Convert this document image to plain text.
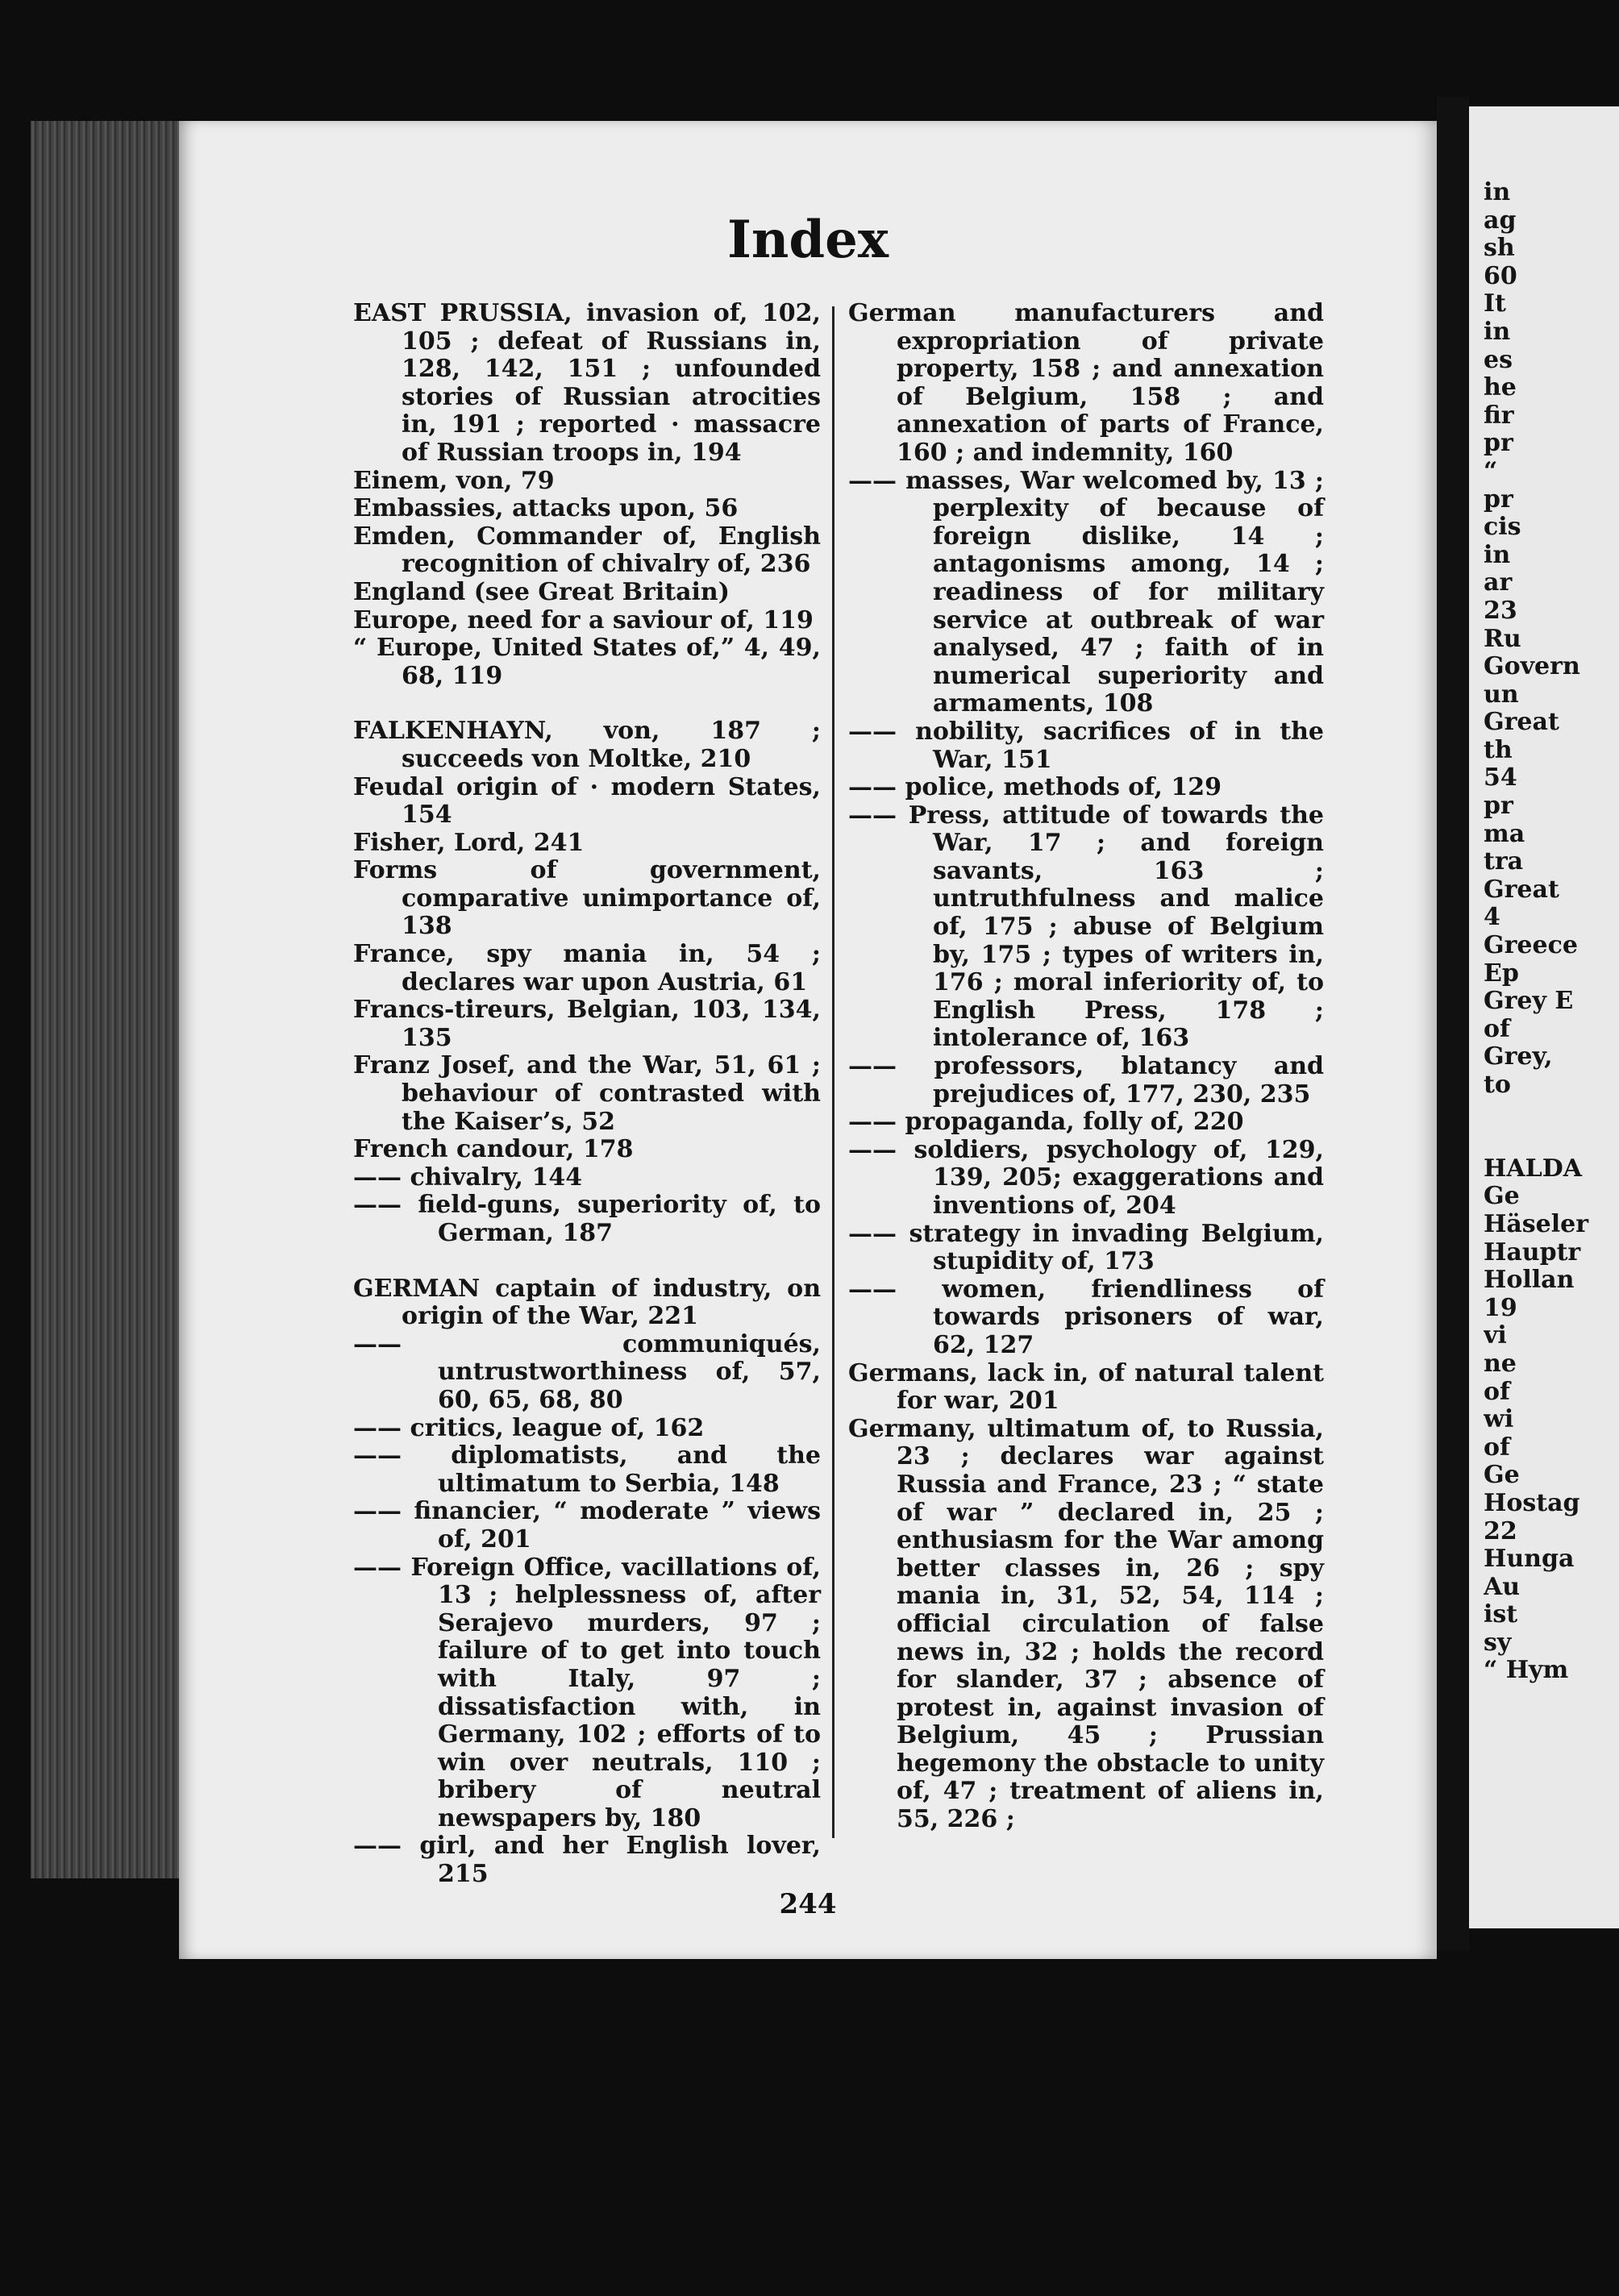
Index

EAST PRUSSIA, invasion of, 102, 105 ; defeat of Russians in, 128, 142, 151 ; unfounded stories of Russian atrocities in, 191 ; reported · massacre of Russian troops in, 194

Einem, von, 79

Embassies, attacks upon, 56

Emden, Commander of, English recognition of chivalry of, 236

England (see Great Britain)

Europe, need for a saviour of, 119

“ Europe, United States of,” 4, 49, 68, 119

FALKENHAYN, von, 187 ; succeeds von Moltke, 210

Feudal origin of · modern States, 154

Fisher, Lord, 241

Forms of government, comparative unimportance of, 138

France, spy mania in, 54 ; declares war upon Austria, 61

Francs-tireurs, Belgian, 103, 134, 135

Franz Josef, and the War, 51, 61 ; behaviour of contrasted with the Kaiser’s, 52

French candour, 178

—— chivalry, 144

—— field-guns, superiority of, to German, 187

GERMAN captain of industry, on origin of the War, 221

—— communiqués, untrustworthiness of, 57, 60, 65, 68, 80

—— critics, league of, 162

—— diplomatists, and the ultimatum to Serbia, 148

—— financier, “ moderate ” views of, 201

—— Foreign Office, vacillations of, 13 ; helplessness of, after Serajevo murders, 97 ; failure of to get into touch with Italy, 97 ; dissatisfaction with, in Germany, 102 ; efforts of to win over neutrals, 110 ; bribery of neutral newspapers by, 180

—— girl, and her English lover, 215

German manufacturers and expropriation of private property, 158 ; and annexation of Belgium, 158 ; and annexation of parts of France, 160 ; and indemnity, 160

—— masses, War welcomed by, 13 ; perplexity of because of foreign dislike, 14 ; antagonisms among, 14 ; readiness of for military service at outbreak of war analysed, 47 ; faith of in numerical superiority and armaments, 108

—— nobility, sacrifices of in the War, 151

—— police, methods of, 129

—— Press, attitude of towards the War, 17 ; and foreign savants, 163 ; untruthfulness and malice of, 175 ; abuse of Belgium by, 175 ; types of writers in, 176 ; moral inferiority of, to English Press, 178 ; intolerance of, 163

—— professors, blatancy and prejudices of, 177, 230, 235

—— propaganda, folly of, 220

—— soldiers, psychology of, 129, 139, 205; exaggerations and inventions of, 204

—— strategy in invading Belgium, stupidity of, 173

—— women, friendliness of towards prisoners of war, 62, 127

Germans, lack in, of natural talent for war, 201

Germany, ultimatum of, to Russia, 23 ; declares war against Russia and France, 23 ; “ state of war ” declared in, 25 ; enthusiasm for the War among better classes in, 26 ; spy mania in, 31, 52, 54, 114 ; official circulation of false news in, 32 ; holds the record for slander, 37 ; absence of protest in, against invasion of Belgium, 45 ; Prussian hegemony the obstacle to unity of, 47 ; treatment of aliens in, 55, 226 ;

244
in
ag
sh
60
It
in
es
he
fir
pr
“
pr
cis
in
ar
23
Ru
Govern
un
Great
th
54
pr
ma
tra
Great
4
Greece
Ep
Grey E
of
Grey,
to
HALDA
Ge
Häseler
Hauptr
Hollan
19
vi
ne
of
wi
of
Ge
Hostag
22
Hunga
Au
ist
sy
“ Hym
